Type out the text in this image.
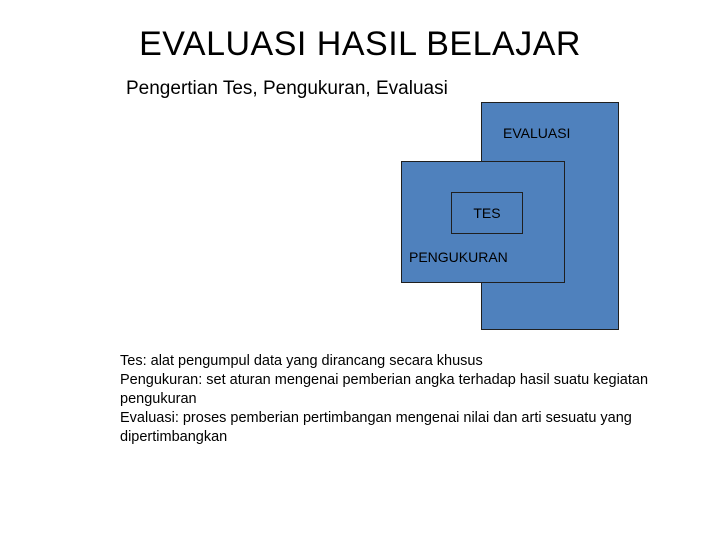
EVALUASI HASIL BELAJAR
Pengertian Tes, Pengukuran, Evaluasi
EVALUASI
PENGUKURAN
TES

Tes: alat pengumpul data yang dirancang secara khusus

Pengukuran: set aturan mengenai pemberian angka terhadap hasil suatu kegiatan pengukuran

Evaluasi: proses pemberian pertimbangan mengenai nilai dan arti sesuatu yang dipertimbangkan
